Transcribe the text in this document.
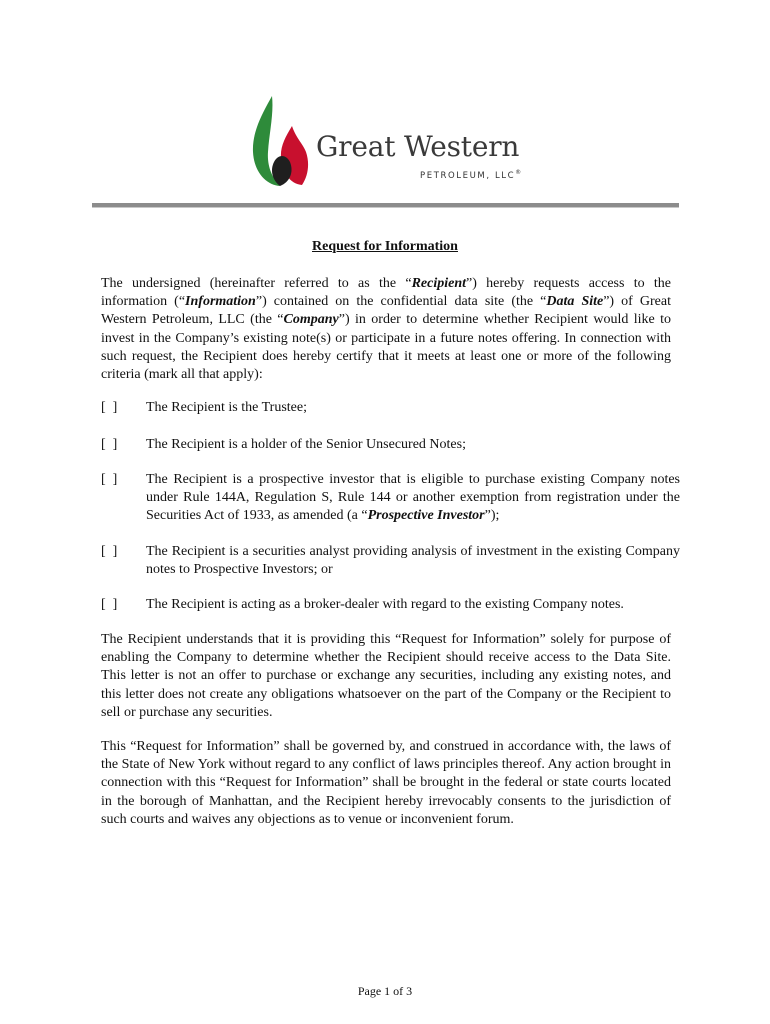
Great Western
PETROLEUM, LLC®
Request for Information
The undersigned (hereinafter referred to as the “Recipient”) hereby requests access to the information (“Information”) contained on the confidential data site (the “Data Site”) of Great Western Petroleum, LLC (the “Company”) in order to determine whether Recipient would like to invest in the Company’s existing note(s) or participate in a future notes offering. In connection with such request, the Recipient does hereby certify that it meets at least one or more of the following criteria (mark all that apply):
[  ]	The Recipient is the Trustee;
[  ]	The Recipient is a holder of the Senior Unsecured Notes;
[  ]	The Recipient is a prospective investor that is eligible to purchase existing Company notes under Rule 144A, Regulation S, Rule 144 or another exemption from registration under the Securities Act of 1933, as amended (a “Prospective Investor”);
[  ]	The Recipient is a securities analyst providing analysis of investment in the existing Company notes to Prospective Investors; or
[  ]	The Recipient is acting as a broker-dealer with regard to the existing Company notes.
The Recipient understands that it is providing this “Request for Information” solely for purpose of enabling the Company to determine whether the Recipient should receive access to the Data Site. This letter is not an offer to purchase or exchange any securities, including any existing notes, and this letter does not create any obligations whatsoever on the part of the Company or the Recipient to sell or purchase any securities.
This “Request for Information” shall be governed by, and construed in accordance with, the laws of the State of New York without regard to any conflict of laws principles thereof. Any action brought in connection with this “Request for Information” shall be brought in the federal or state courts located in the borough of Manhattan, and the Recipient hereby irrevocably consents to the jurisdiction of such courts and waives any objections as to venue or inconvenient forum.
Page 1 of 3
